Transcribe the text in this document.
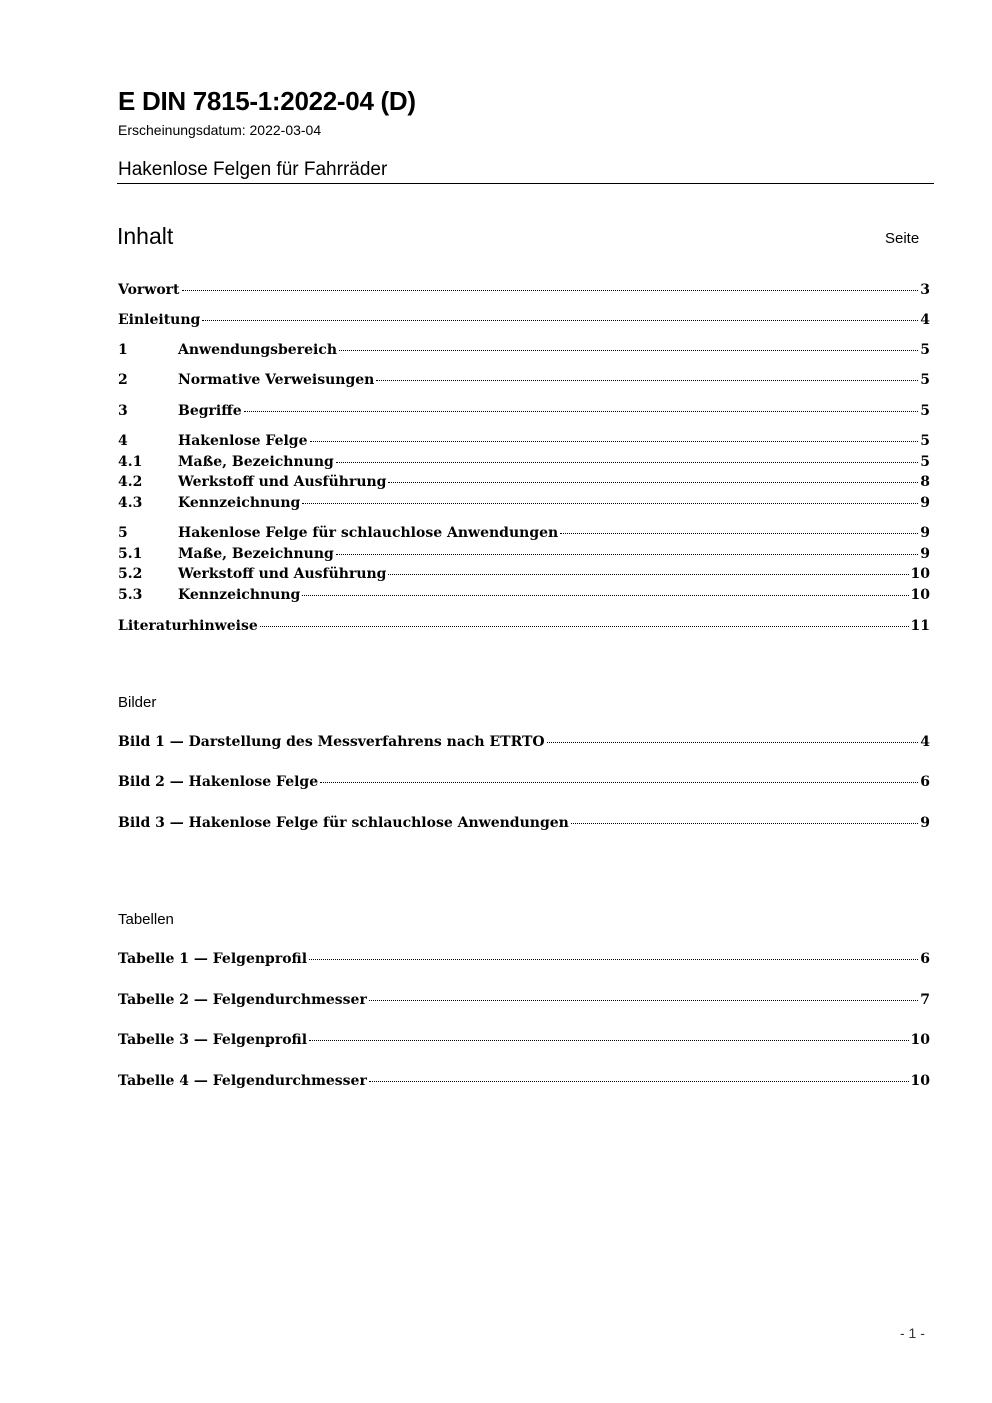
E DIN 7815-1:2022-04 (D)
Erscheinungsdatum: 2022-03-04
Hakenlose Felgen für Fahrräder
Inhalt	Seite
Vorwort	3
Einleitung	4
1	Anwendungsbereich	5
2	Normative Verweisungen	5
3	Begriffe	5
4	Hakenlose Felge	5
4.1	Maße, Bezeichnung	5
4.2	Werkstoff und Ausführung	8
4.3	Kennzeichnung	9
5	Hakenlose Felge für schlauchlose Anwendungen	9
5.1	Maße, Bezeichnung	9
5.2	Werkstoff und Ausführung	10
5.3	Kennzeichnung	10
Literaturhinweise	11
Bilder
Bild 1 — Darstellung des Messverfahrens nach ETRTO	4
Bild 2 — Hakenlose Felge	6
Bild 3 — Hakenlose Felge für schlauchlose Anwendungen	9
Tabellen
Tabelle 1 — Felgenprofil	6
Tabelle 2 — Felgendurchmesser	7
Tabelle 3 — Felgenprofil	10
Tabelle 4 — Felgendurchmesser	10
- 1 -
